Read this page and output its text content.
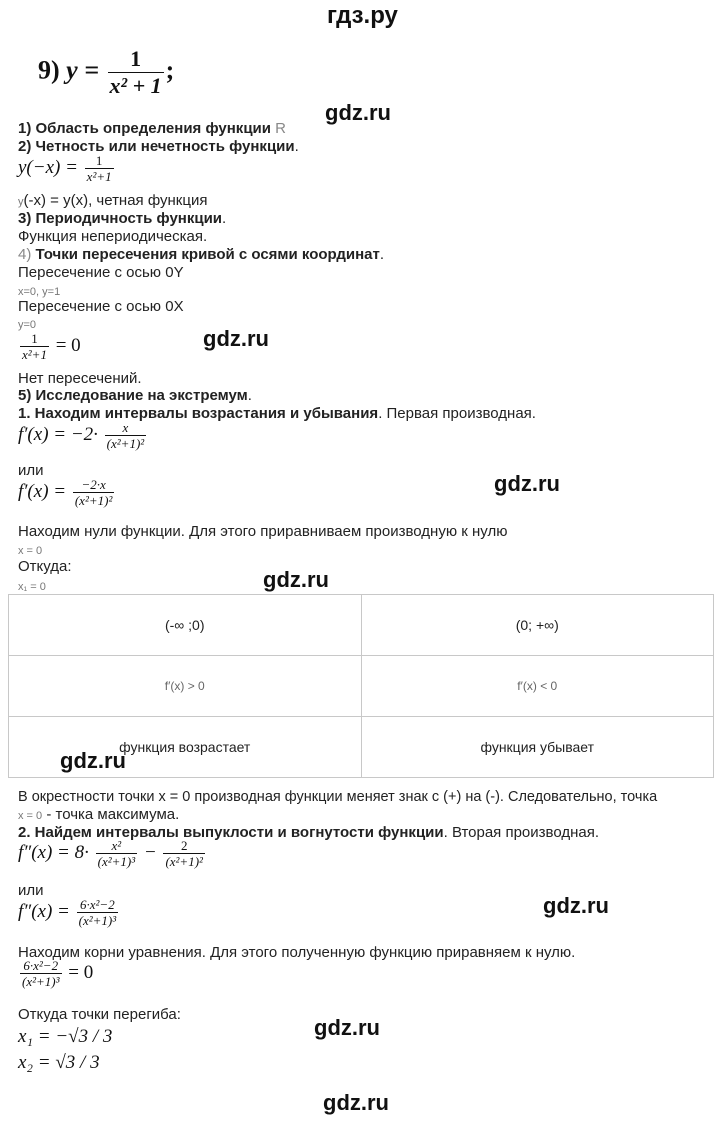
гдз.ру
9) $y = \frac{1}{\text{x² + 1}}$ ;
gdz.ru
1) Область определения функции R
2) Четность или нечетность функции.
$y(-x) = \frac{1}{\text{x²+1}}$
y(-x) = y(x), четная функция
3) Периодичность функции.
Функция непериодическая.
4) Точки пересечения кривой с осями координат.
Пересечение с осью 0Y
x=0, y=1
Пересечение с осью 0X
y=0
$\frac{1}{\text{x²+1}} = 0$	gdz.ru
Нет пересечений.
5) Исследование на экстремум.
1. Находим интервалы возрастания и убывания. Первая производная.
$f'(x) = -2\cdot \frac{x}{\text{(x²+1)²}}$
или
$f'(x) = \frac{-2\cdot x}{\text{(x²+1)²}}$	gdz.ru
Находим нули функции. Для этого приравниваем производную к нулю
x = 0
Откуда:
x₁ = 0	gdz.ru
(-∞ ;0)	(0; +∞)
f′(x) > 0	f′(x) < 0
функция возрастает	функция убывает
gdz.ru
В окрестности точки x = 0 производная функции меняет знак с (+) на (-). Следовательно, точка
x = 0 - точка максимума.
2. Найдем интервалы выпуклости и вогнутости функции. Вторая производная.
$f''(x) = 8\cdot \frac{\text{x²}}{\text{(x²+1)³}} - \frac{2}{\text{(x²+1)²}}$
или
$f''(x) = \frac{\text{6·x²−2}}{\text{(x²+1)³}}$	gdz.ru
Находим корни уравнения. Для этого полученную функцию приравняем к нулю.
$\frac{\text{6·x²−2}}{\text{(x²+1)³}} = 0$
Откуда точки перегиба:
gdz.ru
x₁ = −√3 / 3
x₂ = √3 / 3
gdz.ru
